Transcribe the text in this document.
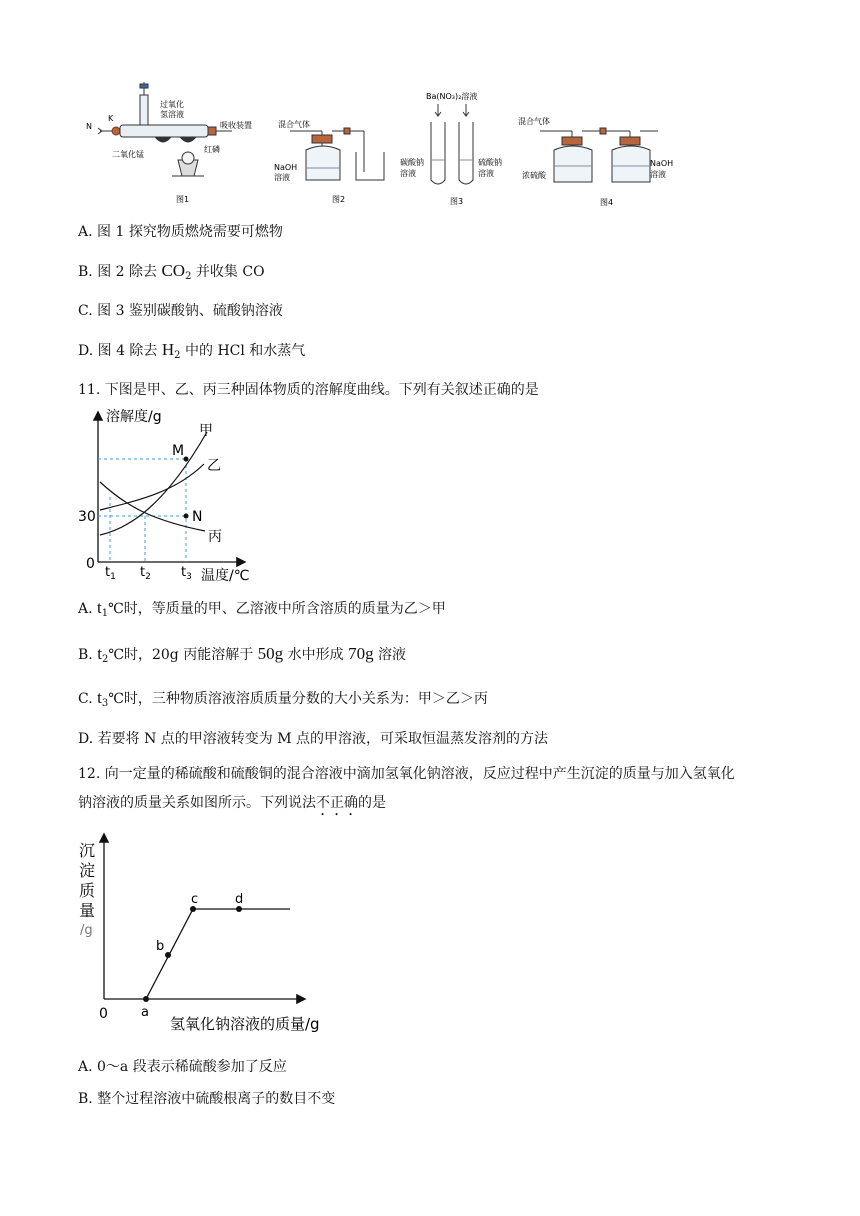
N
K
过氧化
氢溶液
吸收装置
二氧化锰
红磷
图1
混合气体
NaOH
溶液
图2
Ba(NO₃)₂溶液
碳酸钠
溶液
硫酸钠
溶液
图3
混合气体
浓硫酸
NaOH
溶液
图4
A. 图 1 探究物质燃烧需要可燃物
B. 图 2 除去 $CO_2$ 并收集 CO
C. 图 3 鉴别碳酸钠、硫酸钠溶液
D. 图 4 除去 $H_2$ 中的 HCl 和水蒸气
11. 下图是甲、乙、丙三种固体物质的溶解度曲线。下列有关叙述正确的是
溶解度/g
温度/℃
30
0
$t_1$ $t_2$ $t_3$
甲
乙
丙
M
N
A. $t_1℃$时，等质量的甲、乙溶液中所含溶质的质量为乙＞甲
B. $t_2℃$时，20g 丙能溶解于 50g 水中形成 70g 溶液
C. $t_3℃$时，三种物质溶液溶质质量分数的大小关系为：甲＞乙＞丙
D. 若要将 N 点的甲溶液转变为 M 点的甲溶液，可采取恒温蒸发溶剂的方法
12. 向一定量的稀硫酸和硫酸铜的混合溶液中滴加氢氧化钠溶液，反应过程中产生沉淀的质量与加入氢氧化
钠溶液的质量关系如图所示。下列说法不正确的是
沉
淀
质
量
/g
氢氧化钠溶液的质量/g
0	a
b
c	d
A. 0～a 段表示稀硫酸参加了反应
B. 整个过程溶液中硫酸根离子的数目不变
